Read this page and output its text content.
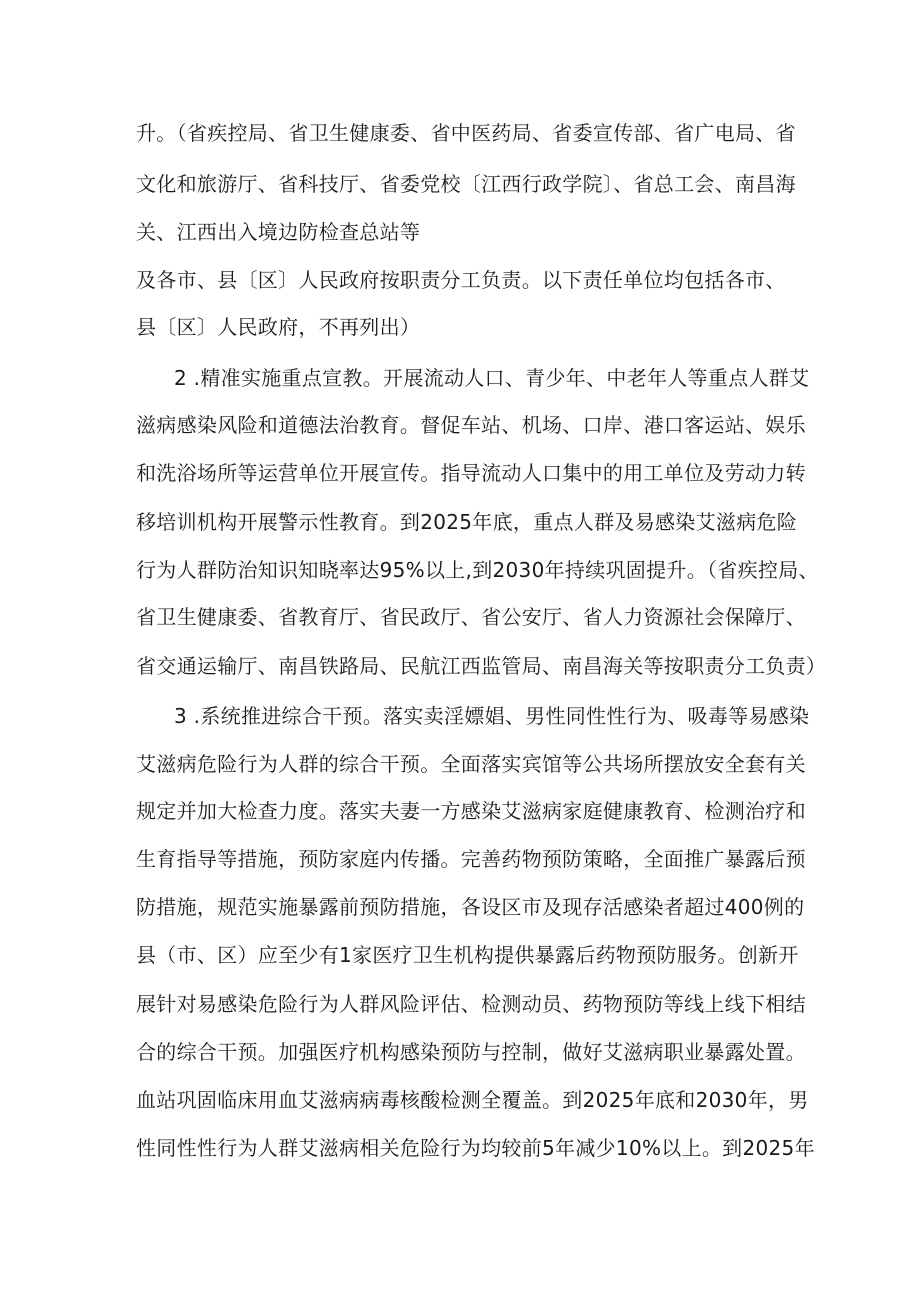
升。（省疾控局、省卫生健康委、省中医药局、省委宣传部、省广电局、省
文化和旅游厅、省科技厅、省委党校〔江西行政学院〕、省总工会、南昌海
关、江西出入境边防检查总站等
及各市、县〔区〕人民政府按职责分工负责。以下责任单位均包括各市、
县〔区〕人民政府，不再列出）
2 .精准实施重点宣教。开展流动人口、青少年、中老年人等重点人群艾
滋病感染风险和道德法治教育。督促车站、机场、口岸、港口客运站、娱乐
和洗浴场所等运营单位开展宣传。指导流动人口集中的用工单位及劳动力转
移培训机构开展警示性教育。到2025年底，重点人群及易感染艾滋病危险
行为人群防治知识知晓率达95%以上,到2030年持续巩固提升。（省疾控局、
省卫生健康委、省教育厅、省民政厅、省公安厅、省人力资源社会保障厅、
省交通运输厅、南昌铁路局、民航江西监管局、南昌海关等按职责分工负责）
3 .系统推进综合干预。落实卖淫嫖娼、男性同性性行为、吸毒等易感染
艾滋病危险行为人群的综合干预。全面落实宾馆等公共场所摆放安全套有关
规定并加大检查力度。落实夫妻一方感染艾滋病家庭健康教育、检测治疗和
生育指导等措施，预防家庭内传播。完善药物预防策略，全面推广暴露后预
防措施，规范实施暴露前预防措施，各设区市及现存活感染者超过400例的
县（市、区）应至少有1家医疗卫生机构提供暴露后药物预防服务。创新开
展针对易感染危险行为人群风险评估、检测动员、药物预防等线上线下相结
合的综合干预。加强医疗机构感染预防与控制，做好艾滋病职业暴露处置。
血站巩固临床用血艾滋病病毒核酸检测全覆盖。到2025年底和2030年，男
性同性性行为人群艾滋病相关危险行为均较前5年减少10%以上。到2025年
